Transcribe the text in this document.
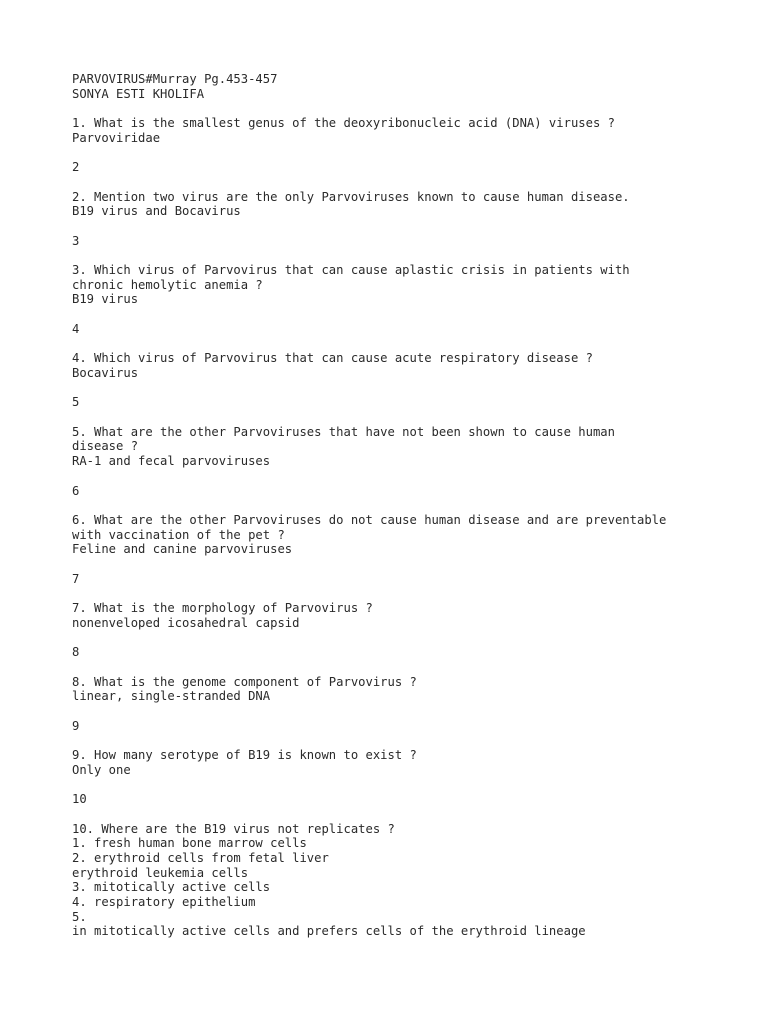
PARVOVIRUS#Murray Pg.453-457
SONYA ESTI KHOLIFA
1. What is the smallest genus of the deoxyribonucleic acid (DNA) viruses ?
Parvoviridae
2
2. Mention two virus are the only Parvoviruses known to cause human disease.
B19 virus and Bocavirus
3
3. Which virus of Parvovirus that can cause aplastic crisis in patients with
chronic hemolytic anemia ?
B19 virus
4
4. Which virus of Parvovirus that can cause acute respiratory disease ?
Bocavirus
5
5. What are the other Parvoviruses that have not been shown to cause human
disease ?
RA-1 and fecal parvoviruses
6
6. What are the other Parvoviruses do not cause human disease and are preventable
with vaccination of the pet ?
Feline and canine parvoviruses
7
7. What is the morphology of Parvovirus ?
nonenveloped icosahedral capsid
8
8. What is the genome component of Parvovirus ?
linear, single-stranded DNA
9
9. How many serotype of B19 is known to exist ?
Only one
10
10. Where are the B19 virus not replicates ?
1. fresh human bone marrow cells
2. erythroid cells from fetal liver
erythroid leukemia cells
3. mitotically active cells
4. respiratory epithelium
5.
in mitotically active cells and prefers cells of the erythroid lineage
